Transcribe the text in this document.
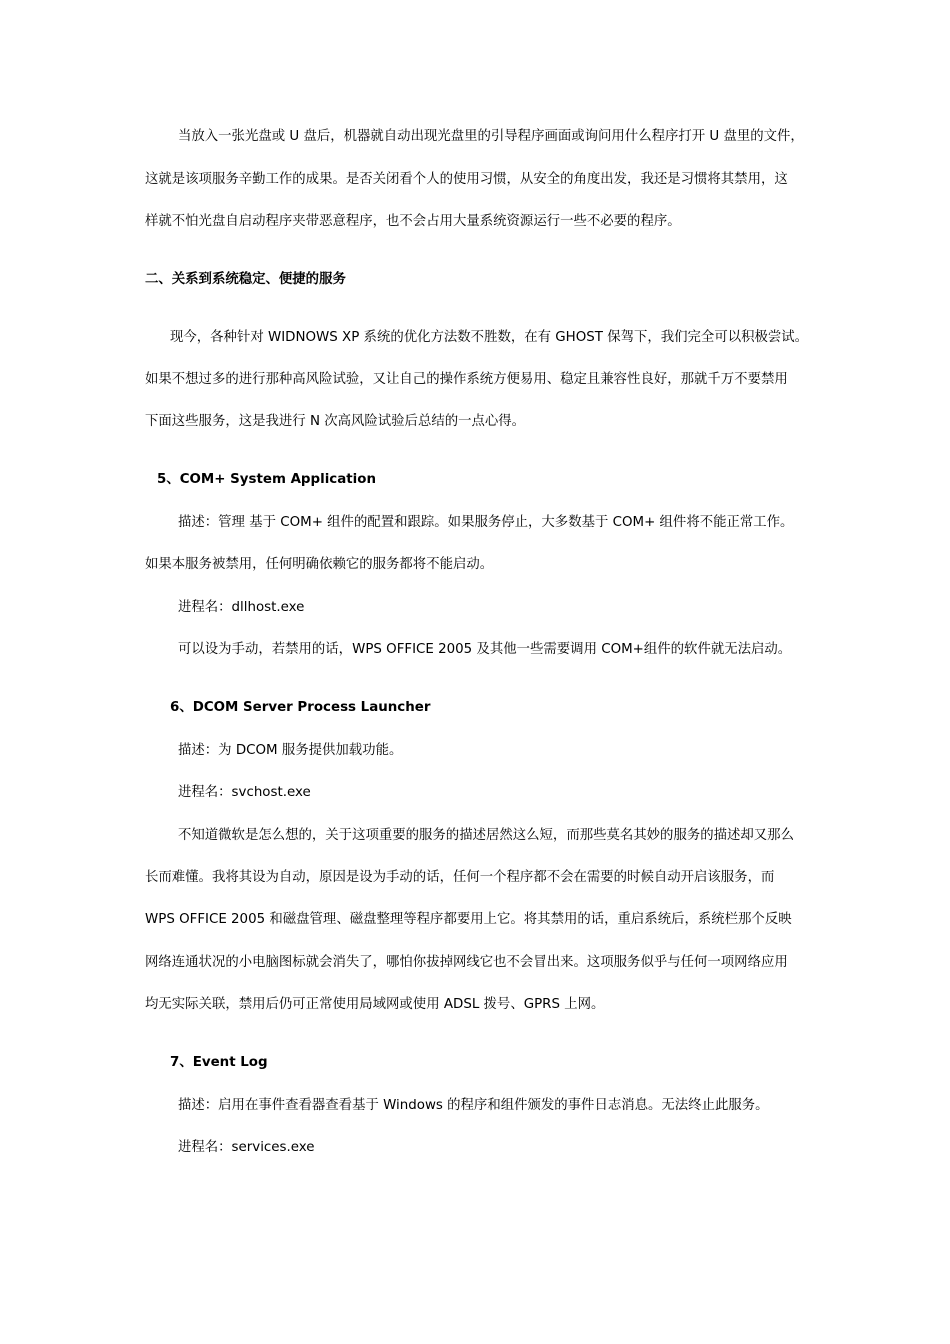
当放入一张光盘或 U 盘后，机器就自动出现光盘里的引导程序画面或询问用什么程序打开 U 盘里的文件，
这就是该项服务辛勤工作的成果。是否关闭看个人的使用习惯，从安全的角度出发，我还是习惯将其禁用，这
样就不怕光盘自启动程序夹带恶意程序，也不会占用大量系统资源运行一些不必要的程序。
二、关系到系统稳定、便捷的服务
现今，各种针对 WIDNOWS XP 系统的优化方法数不胜数，在有 GHOST 保驾下，我们完全可以积极尝试。
如果不想过多的进行那种高风险试验，又让自己的操作系统方便易用、稳定且兼容性良好，那就千万不要禁用
下面这些服务，这是我进行 N 次高风险试验后总结的一点心得。
5、COM+ System Application
描述：管理 基于 COM+ 组件的配置和跟踪。如果服务停止，大多数基于 COM+ 组件将不能正常工作。
如果本服务被禁用，任何明确依赖它的服务都将不能启动。
进程名：dllhost.exe
可以设为手动，若禁用的话，WPS OFFICE 2005 及其他一些需要调用 COM+组件的软件就无法启动。
6、DCOM Server Process Launcher
描述：为 DCOM 服务提供加载功能。
进程名：svchost.exe
不知道微软是怎么想的，关于这项重要的服务的描述居然这么短，而那些莫名其妙的服务的描述却又那么
长而难懂。我将其设为自动，原因是设为手动的话，任何一个程序都不会在需要的时候自动开启该服务，而
WPS OFFICE 2005 和磁盘管理、磁盘整理等程序都要用上它。将其禁用的话，重启系统后，系统栏那个反映
网络连通状况的小电脑图标就会消失了，哪怕你拔掉网线它也不会冒出来。这项服务似乎与任何一项网络应用
均无实际关联，禁用后仍可正常使用局域网或使用 ADSL 拨号、GPRS 上网。
7、Event Log
描述：启用在事件查看器查看基于 Windows 的程序和组件颁发的事件日志消息。无法终止此服务。
进程名：services.exe
